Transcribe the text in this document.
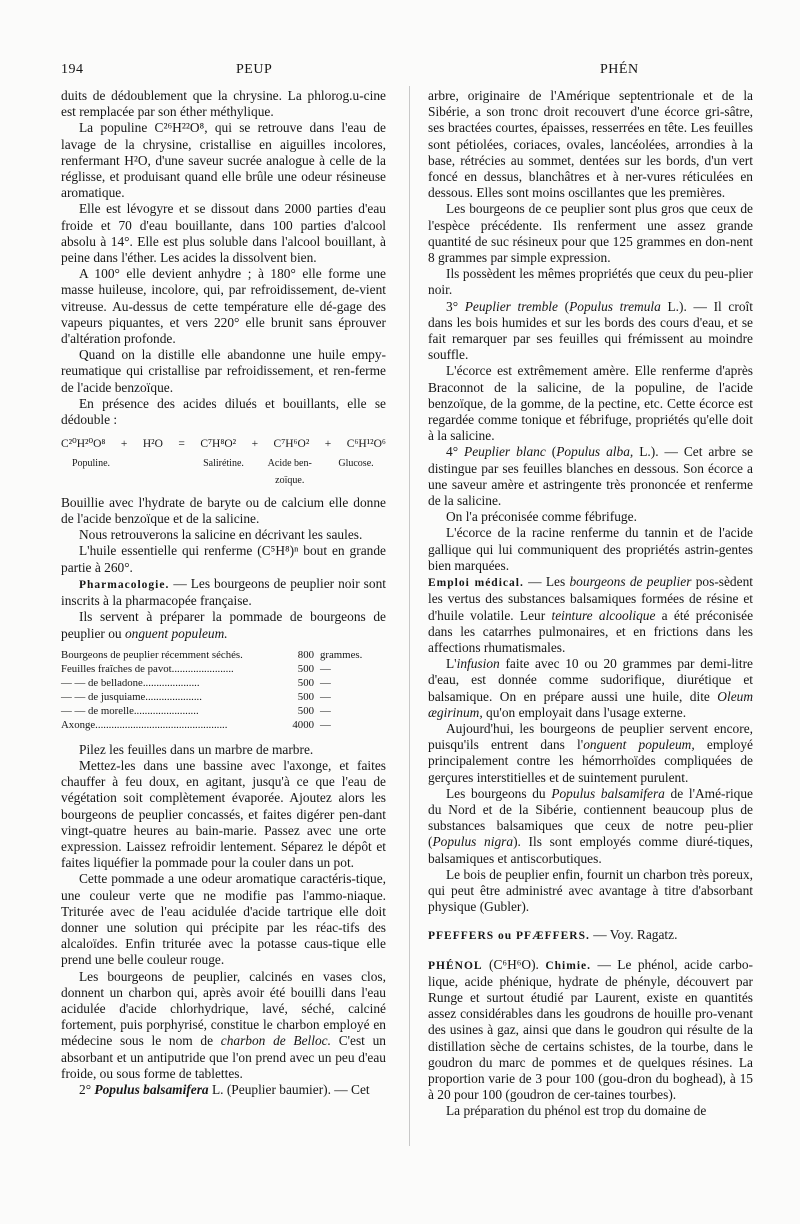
194	PEUP	PHÉN

duits de dédoublement que la chrysine. La phlorog.u-cine est remplacée par son éther méthylique.

La populine C²⁶H²²O⁸, qui se retrouve dans l'eau de lavage de la chrysine, cristallise en aiguilles incolores, renfermant H²O, d'une saveur sucrée analogue à celle de la réglisse, et produisant quand elle brûle une odeur résineuse aromatique.

Elle est lévogyre et se dissout dans 2000 parties d'eau froide et 70 d'eau bouillante, dans 100 parties d'alcool absolu à 14°. Elle est plus soluble dans l'alcool bouillant, à peine dans l'éther. Les acides la dissolvent bien.

A 100° elle devient anhydre ; à 180° elle forme une masse huileuse, incolore, qui, par refroidissement, de-vient vitreuse. Au-dessus de cette température elle dé-gage des vapeurs piquantes, et vers 220° elle brunit sans éprouver d'altération profonde.

Quand on la distille elle abandonne une huile empy-reumatique qui cristallise par refroidissement, et ren-ferme de l'acide benzoïque.

En présence des acides dilués et bouillants, elle se dédouble :

C²⁰H²⁰O⁸ + H²O = C⁷H⁸O² + C⁷H⁶O² + C⁶H¹²O⁶
Populine.	Salirétine.	Acide ben-zoïque.
Glucose.

Bouillie avec l'hydrate de baryte ou de calcium elle donne de l'acide benzoïque et de la salicine.

Nous retrouverons la salicine en décrivant les saules.

L'huile essentielle qui renferme (C⁵H⁸)ⁿ bout en grande partie à 260°.

Pharmacologie. — Les bourgeons de peuplier noir sont inscrits à la pharmacopée française.

Ils servent à préparer la pommade de bourgeons de peuplier ou onguent populeum.

Bourgeons de peuplier récemment séchés.	800	grammes.
Feuilles fraîches de pavot.......................	500	—
— — de belladone.....................	500	—
— — de jusquiame.....................	500	—
— — de morelle........................	500	—
Axonge.................................................	4000	—

Pilez les feuilles dans un marbre de marbre.

Mettez-les dans une bassine avec l'axonge, et faites chauffer à feu doux, en agitant, jusqu'à ce que l'eau de végétation soit complètement évaporée. Ajoutez alors les bourgeons de peuplier concassés, et faites digérer pen-dant vingt-quatre heures au bain-marie. Passez avec une orte expression. Laissez refroidir lentement. Séparez le dépôt et faites liquéfier la pommade pour la couler dans un pot.

Cette pommade a une odeur aromatique caractéris-tique, une couleur verte que ne modifie pas l'ammo-niaque. Triturée avec de l'eau acidulée d'acide tartrique elle doit donner une solution qui précipite par les réac-tifs des alcaloïdes. Enfin triturée avec la potasse caus-tique elle prend une belle couleur rouge.

Les bourgeons de peuplier, calcinés en vases clos, donnent un charbon qui, après avoir été bouilli dans l'eau acidulée d'acide chlorhydrique, lavé, séché, calciné fortement, puis porphyrisé, constitue le charbon employé en médecine sous le nom de charbon de Belloc. C'est un absorbant et un antiputride que l'on prend avec un peu d'eau froide, ou sous forme de tablettes.

2° Populus balsamifera L. (Peuplier baumier). — Cet

arbre, originaire de l'Amérique septentrionale et de la Sibérie, a son tronc droit recouvert d'une écorce gri-sâtre, ses bractées courtes, épaisses, resserrées en tête. Les feuilles sont pétiolées, coriaces, ovales, lancéolées, arrondies à la base, rétrécies au sommet, dentées sur les bords, d'un vert foncé en dessus, blanchâtres et à ner-vures réticulées en dessous. Elles sont moins oscillantes que les premières.

Les bourgeons de ce peuplier sont plus gros que ceux de l'espèce précédente. Ils renferment une assez grande quantité de suc résineux pour que 125 grammes en don-nent 8 grammes par simple expression.

Ils possèdent les mêmes propriétés que ceux du peu-plier noir.

3° Peuplier tremble (Populus tremula L.). — Il croît dans les bois humides et sur les bords des cours d'eau, et se fait remarquer par ses feuilles qui frémissent au moindre souffle.

L'écorce est extrêmement amère. Elle renferme d'après Braconnot de la salicine, de la populine, de l'acide benzoïque, de la gomme, de la pectine, etc. Cette écorce est regardée comme tonique et fébrifuge, propriétés qu'elle doit à la salicine.

4° Peuplier blanc (Populus alba, L.). — Cet arbre se distingue par ses feuilles blanches en dessous. Son écorce a une saveur amère et astringente très prononcée et renferme de la salicine.

On l'a préconisée comme fébrifuge.

L'écorce de la racine renferme du tannin et de l'acide gallique qui lui communiquent des propriétés astrin-gentes bien marquées.

Emploi médical. — Les bourgeons de peuplier pos-sèdent les vertus des substances balsamiques formées de résine et d'huile volatile. Leur teinture alcoolique a été préconisée dans les catarrhes pulmonaires, et en frictions dans les affections rhumatismales.

L'infusion faite avec 10 ou 20 grammes par demi-litre d'eau, est donnée comme sudorifique, diurétique et balsamique. On en prépare aussi une huile, dite Oleum ægirinum, qu'on employait dans l'usage externe.

Aujourd'hui, les bourgeons de peuplier servent encore, puisqu'ils entrent dans l'onguent populeum, employé principalement contre les hémorrhoïdes compliquées de gerçures interstitielles et de suintement purulent.

Les bourgeons du Populus balsamifera de l'Amé-rique du Nord et de la Sibérie, contiennent beaucoup plus de substances balsamiques que ceux de notre peu-plier (Populus nigra). Ils sont employés comme diuré-tiques, balsamiques et antiscorbutiques.

Le bois de peuplier enfin, fournit un charbon très poreux, qui peut être administré avec avantage à titre d'absorbant physique (Gubler).

PFEFFERS ou PFÆFFERS. — Voy. Ragatz.

PHÉNOL (C⁶H⁶O). Chimie. — Le phénol, acide carbo-lique, acide phénique, hydrate de phényle, découvert par Runge et surtout étudié par Laurent, existe en quantités assez considérables dans les goudrons de houille pro-venant des usines à gaz, ainsi que dans le goudron qui résulte de la distillation sèche de certains schistes, de la tourbe, dans le goudron du marc de pommes et de quelques résines. La proportion varie de 3 pour 100 (gou-dron du boghead), à 15 à 20 pour 100 (goudron de cer-taines tourbes).

La préparation du phénol est trop du domaine de
